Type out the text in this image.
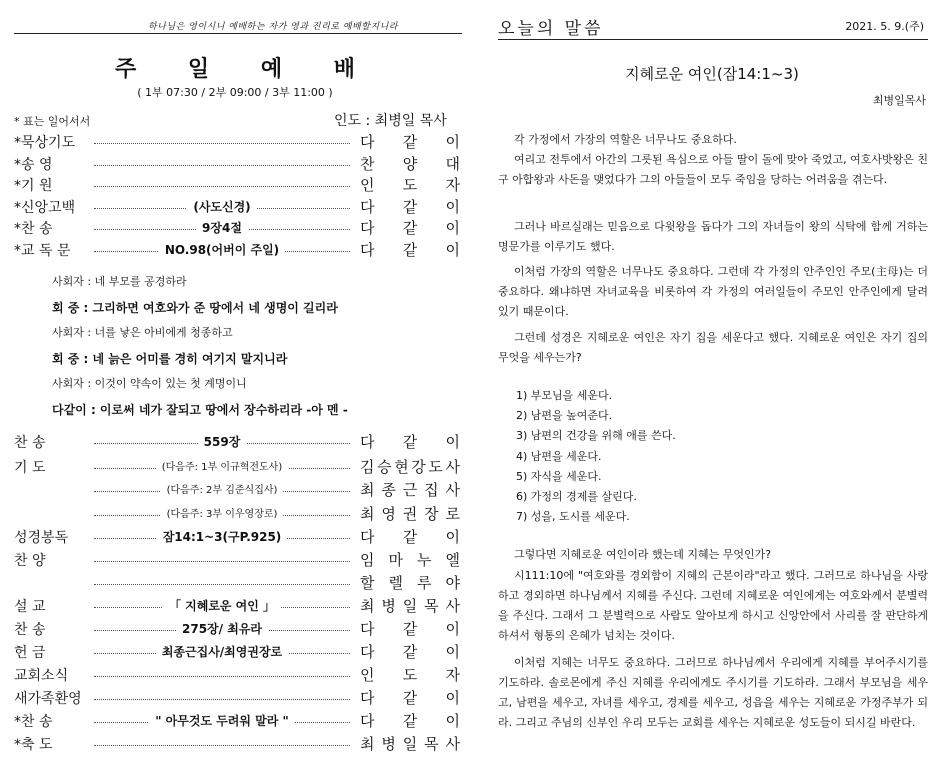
하나님은 영이시니 예배하는 자가 영과 진리로 예배할지니라
주 일 예 배
( 1부 07:30 / 2부 09:00 / 3부 11:00 )
* 표는 일어서서	인도 : 최병일 목사
*묵상기도	다 같 이
*송 영	찬 양 대
*기 원	인 도 자
*신앙고백	(사도신경)	다 같 이
*찬 송	9장4절	다 같 이
*교 독 문	NO.98(어버이 주일)	다 같 이
사회자 : 네 부모를 공경하라
회 중 : 그리하면 여호와가 준 땅에서 네 생명이 길리라
사회자 : 너를 낳은 아비에게 청종하고
회 중 : 네 늙은 어미를 경히 여기지 말지니라
사회자 : 이것이 약속이 있는 첫 계명이니
다같이 : 이로써 네가 잘되고 땅에서 장수하리라 -아 멘 -
찬 송	559장	다 같 이
기 도	(다음주: 1부 이규혁전도사)	김 승 현 강 도 사
(다음주: 2부 김준식집사)	최 종 근 집 사
(다음주: 3부 이우영장로)	최 영 권 장 로
성경봉독	잠14:1~3(구P.925)	다 같 이
찬 양	임 마 누 엘
할 렐 루 야
설 교	「 지혜로운 여인 」	최 병 일 목 사
찬 송	275장/ 최유라	다 같 이
헌 금	최종근집사/최영권장로	다 같 이
교회소식	인 도 자
새가족환영	다 같 이
*찬 송	" 아무것도 두려워 말라 "	다 같 이
*축 도	최 병 일 목 사
오늘의 말씀	2021. 5. 9.(주)
지혜로운 여인(잠14:1~3)
최병일목사
각 가정에서 가장의 역할은 너무나도 중요하다.
여리고 전투에서 아간의 그릇된 욕심으로 아들 딸이 돌에 맞아 죽었고, 여호사밧왕은 친구 아합왕과 사돈을 맺었다가 그의 아들들이 모두 죽임을 당하는 어려움을 겪는다.
그러나 바르실래는 믿음으로 다윗왕을 돕다가 그의 자녀들이 왕의 식탁에 함께 거하는 명문가를 이루기도 했다.
이처럼 가장의 역할은 너무나도 중요하다. 그런데 각 가정의 안주인인 주모(主母)는 더 중요하다. 왜냐하면 자녀교육을 비롯하여 각 가정의 여러일들이 주모인 안주인에게 달려 있기 때문이다.
그런데 성경은 지혜로운 여인은 자기 집을 세운다고 했다. 지혜로운 여인은 자기 집의 무엇을 세우는가?
1) 부모님을 세운다.
2) 남편을 높여준다.
3) 남편의 건강을 위해 애를 쓴다.
4) 남편을 세운다.
5) 자식을 세운다.
6) 가정의 경제를 살린다.
7) 성을, 도시를 세운다.
그렇다면 지혜로운 여인이라 했는데 지혜는 무엇인가?
시111:10에 "여호와를 경외함이 지혜의 근본이라"라고 했다. 그러므로 하나님을 사랑하고 경외하면 하나님께서 지혜를 주신다. 그런데 지혜로운 여인에게는 여호와께서 분별력을 주신다. 그래서 그 분별력으로 사람도 알아보게 하시고 신앙안에서 사리를 잘 판단하게 하셔서 형통의 은혜가 넘치는 것이다.
이처럼 지혜는 너무도 중요하다. 그러므로 하나님께서 우리에게 지혜를 부어주시기를 기도하라. 솔로몬에게 주신 지혜를 우리에게도 주시기를 기도하라. 그래서 부모님을 세우고, 남편을 세우고, 자녀를 세우고, 경제를 세우고, 성읍을 세우는 지혜로운 가정주부가 되라. 그리고 주님의 신부인 우리 모두는 교회를 세우는 지혜로운 성도들이 되시길 바란다.
